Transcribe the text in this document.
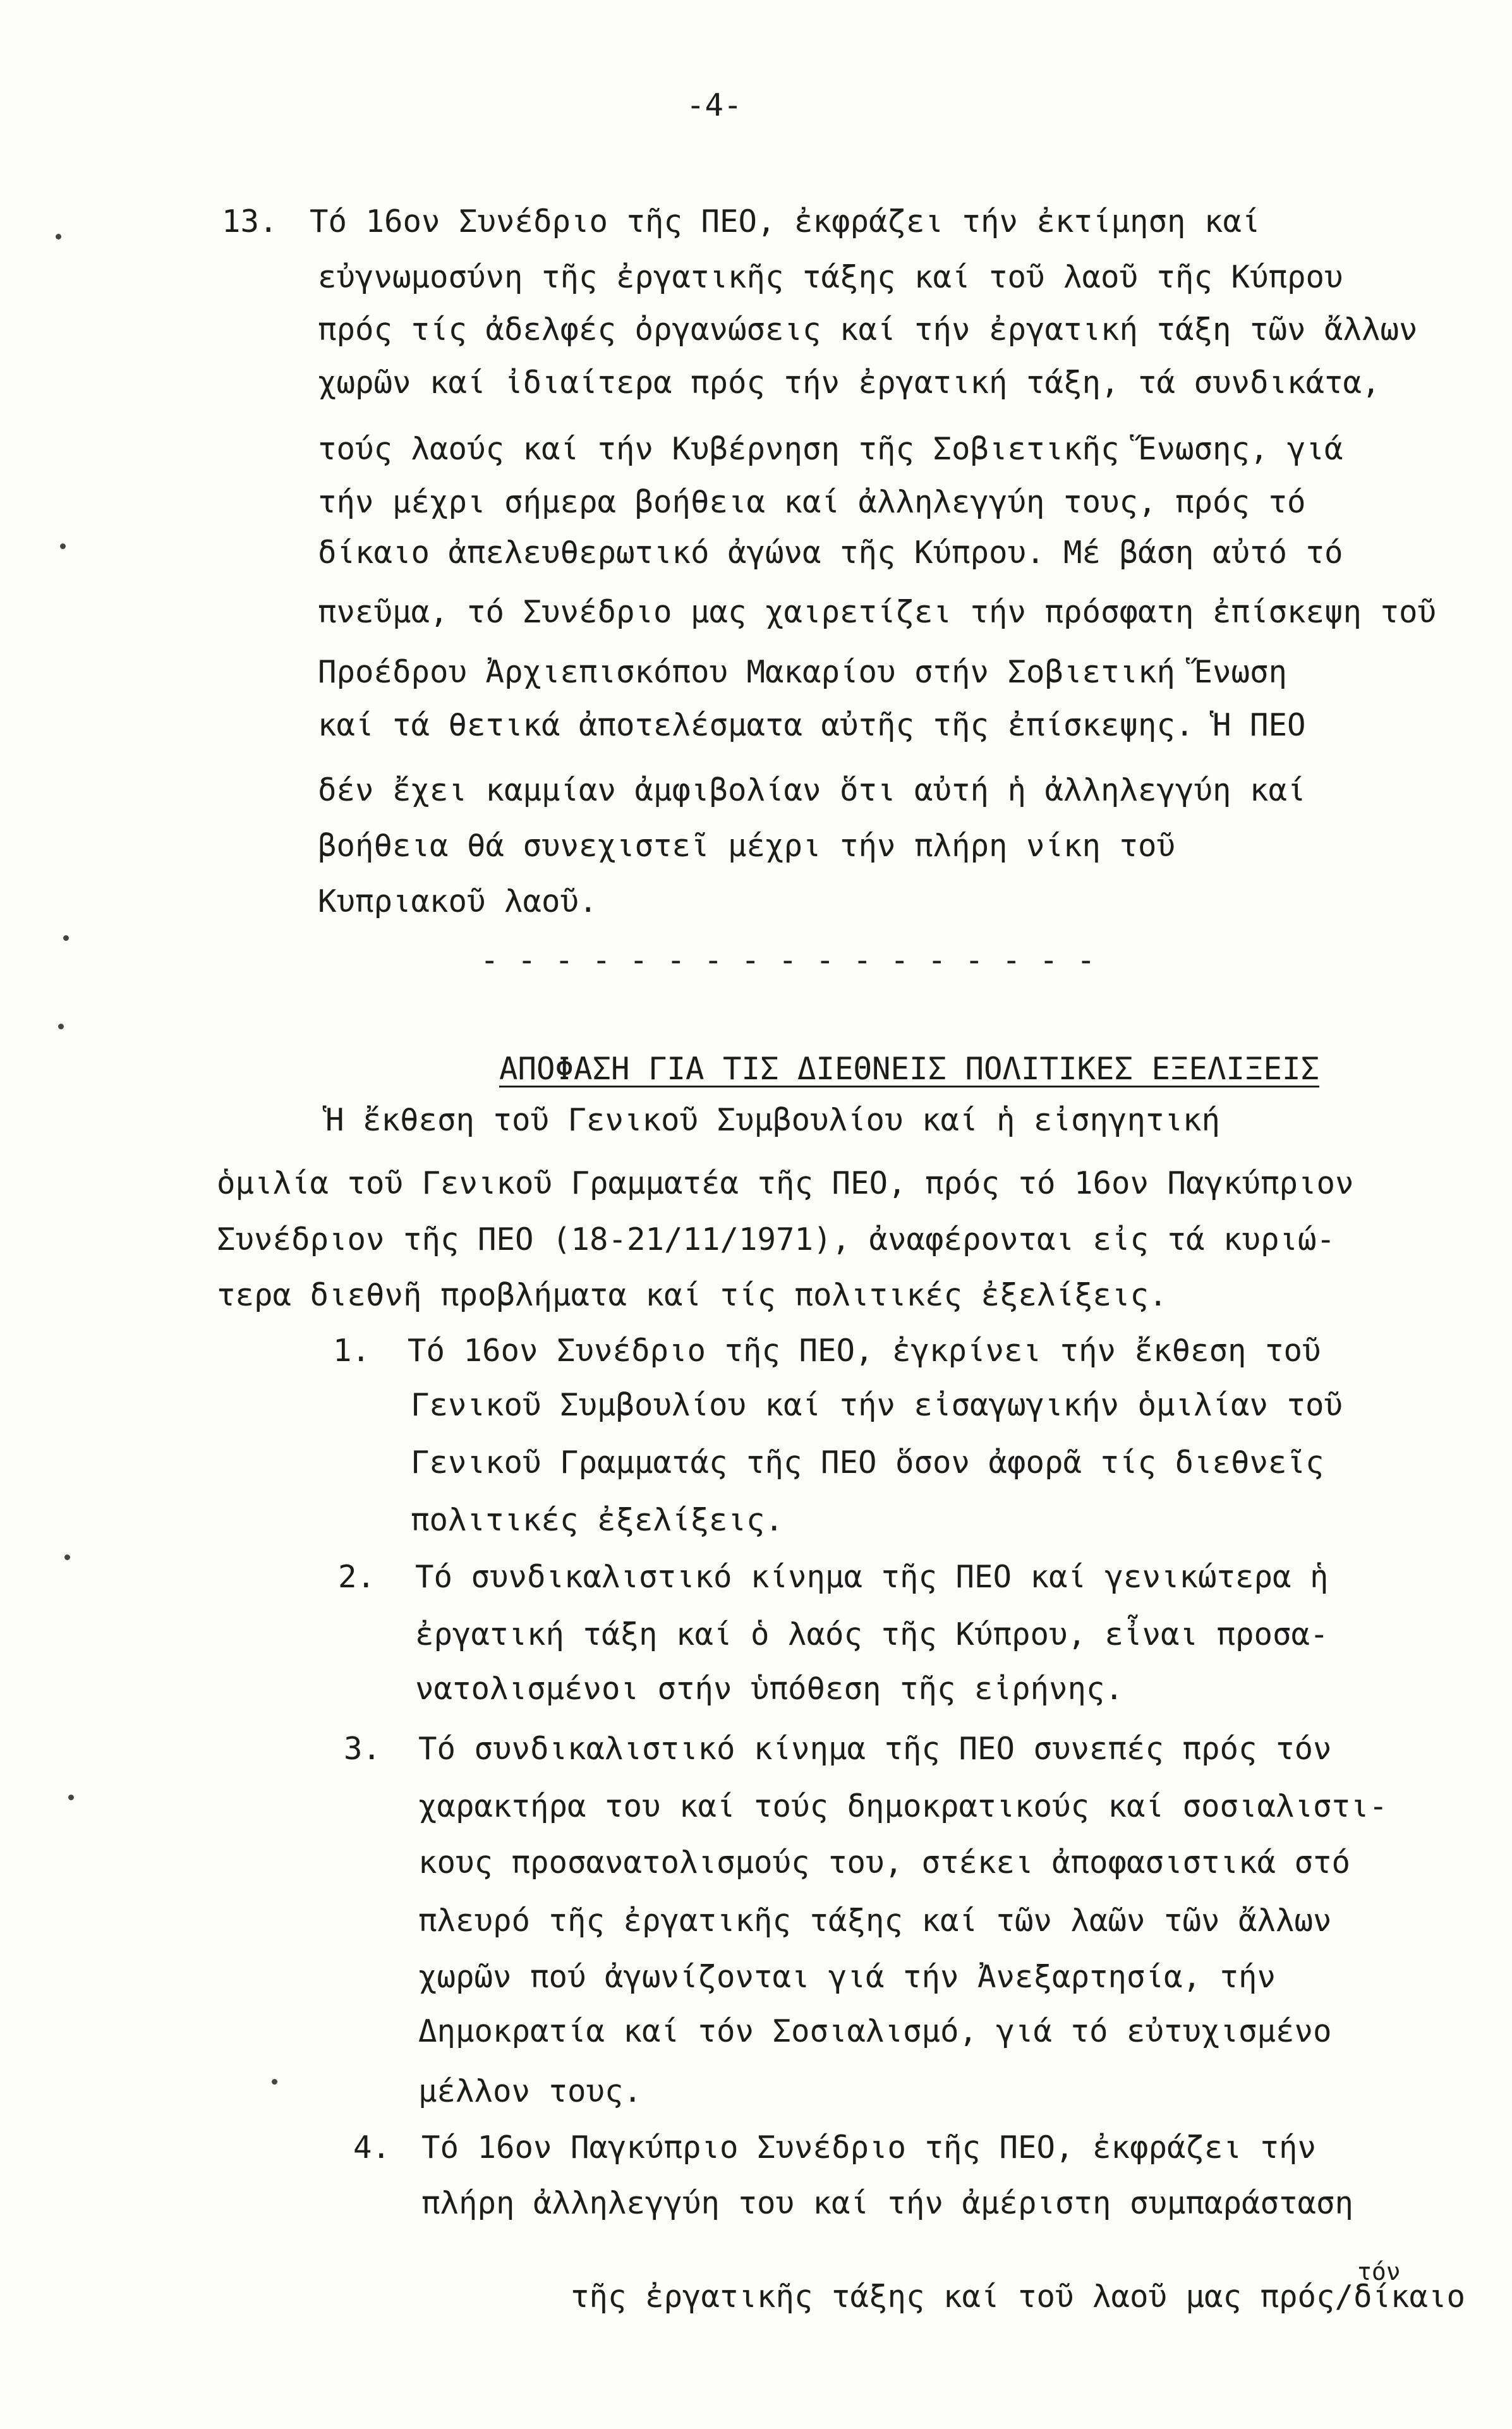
-4-
13. Τό 16ον Συνέδριο τῆς ΠΕΟ, ἐκφράζει τήν ἐκτίμηση καί
εὐγνωμοσύνη τῆς ἐργατικῆς τάξης καί τοῦ λαοῦ τῆς Κύπρου
πρός τίς ἀδελφές ὀργανώσεις καί τήν ἐργατική τάξη τῶν ἄλλων
χωρῶν καί ἰδιαίτερα πρός τήν ἐργατική τάξη, τά συνδικάτα,
τούς λαούς καί τήν Κυβέρνηση τῆς Σοβιετικῆς Ἕνωσης, γιά
τήν μέχρι σήμερα βοήθεια καί ἀλληλεγγύη τους, πρός τό
δίκαιο ἀπελευθερωτικό ἀγώνα τῆς Κύπρου. Μέ βάση αὐτό τό
πνεῦμα, τό Συνέδριο μας χαιρετίζει τήν πρόσφατη ἐπίσκεψη τοῦ
Προέδρου Ἀρχιεπισκόπου Μακαρίου στήν Σοβιετική Ἕνωση
καί τά θετικά ἀποτελέσματα αὐτῆς τῆς ἐπίσκεψης. Ἡ ΠΕΟ
δέν ἔχει καμμίαν ἀμφιβολίαν ὅτι αὐτή ἡ ἀλληλεγγύη καί
βοήθεια θά συνεχιστεῖ μέχρι τήν πλήρη νίκη τοῦ
Κυπριακοῦ λαοῦ.
- - - - - - - - - - - - - - - - -
ΑΠΟΦΑΣΗ ΓΙΑ ΤΙΣ ΔΙΕΘΝΕΙΣ ΠΟΛΙΤΙΚΕΣ ΕΞΕΛΙΞΕΙΣ
Ἡ ἔκθεση τοῦ Γενικοῦ Συμβουλίου καί ἡ εἰσηγητική
ὁμιλία τοῦ Γενικοῦ Γραμματέα τῆς ΠΕΟ, πρός τό 16ον Παγκύπριον
Συνέδριον τῆς ΠΕΟ (18-21/11/1971), ἀναφέρονται εἰς τά κυριώ-
τερα διεθνῆ προβλήματα καί τίς πολιτικές ἐξελίξεις.
1. Τό 16ον Συνέδριο τῆς ΠΕΟ, ἐγκρίνει τήν ἔκθεση τοῦ
Γενικοῦ Συμβουλίου καί τήν εἰσαγωγικήν ὁμιλίαν τοῦ
Γενικοῦ Γραμματάς τῆς ΠΕΟ ὅσον ἀφορᾶ τίς διεθνεῖς
πολιτικές ἐξελίξεις.
2. Τό συνδικαλιστικό κίνημα τῆς ΠΕΟ καί γενικώτερα ἡ
ἐργατική τάξη καί ὁ λαός τῆς Κύπρου, εἶναι προσα-
νατολισμένοι στήν ὑπόθεση τῆς εἰρήνης.
3. Τό συνδικαλιστικό κίνημα τῆς ΠΕΟ συνεπές πρός τόν
χαρακτήρα του καί τούς δημοκρατικούς καί σοσιαλιστι-
κους προσανατολισμούς του, στέκει ἀποφασιστικά στό
πλευρό τῆς ἐργατικῆς τάξης καί τῶν λαῶν τῶν ἄλλων
χωρῶν πού ἀγωνίζονται γιά τήν Ἀνεξαρτησία, τήν
Δημοκρατία καί τόν Σοσιαλισμό, γιά τό εὐτυχισμένο
μέλλον τους.
4. Τό 16ον Παγκύπριο Συνέδριο τῆς ΠΕΟ, ἐκφράζει τήν
πλήρη ἀλληλεγγύη του καί τήν ἀμέριστη συμπαράσταση

τῆς ἐργατικῆς τάξης καί τοῦ λαοῦ μας πρός/
τόν
δίκαιο
